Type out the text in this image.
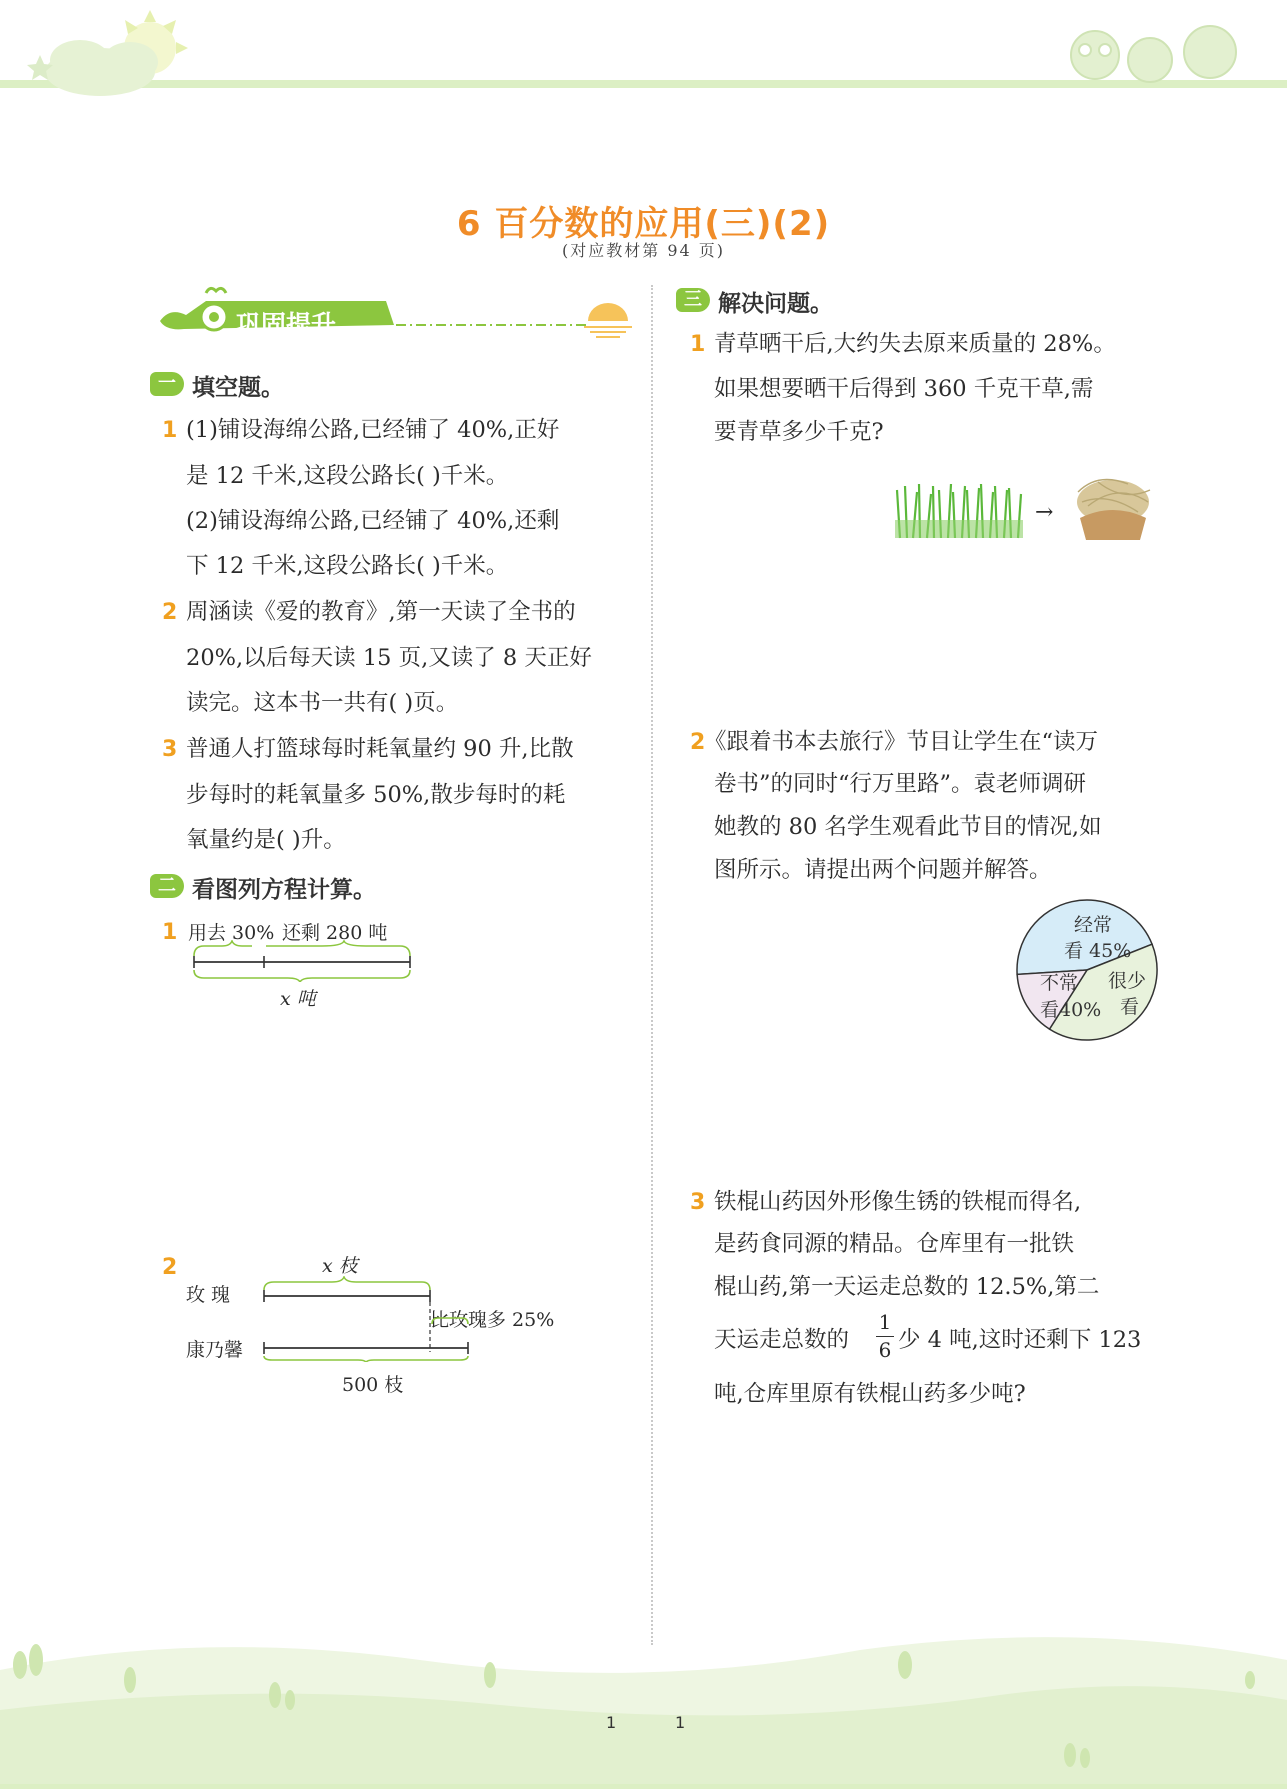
6 百分数的应用(三)(2)
(对应教材第 94 页)
巩固提升
一 填空题。
1 (1)铺设海绵公路,已经铺了 40%,正好
是 12 千米,这段公路长( )千米。
(2)铺设海绵公路,已经铺了 40%,还剩
下 12 千米,这段公路长( )千米。
2 周涵读《爱的教育》,第一天读了全书的
20%,以后每天读 15 页,又读了 8 天正好
读完。这本书一共有( )页。
3 普通人打篮球每时耗氧量约 90 升,比散
步每时的耗氧量多 50%,散步每时的耗
氧量约是( )升。
二 看图列方程计算。
1 用去 30% 还剩 280 吨
x 吨
2	x 枝
玫 瑰
康乃馨
比玫瑰多 25%
500 枝
三 解决问题。
1 青草晒干后,大约失去原来质量的 28%。
如果想要晒干后得到 360 千克干草,需
要青草多少千克?
→
2
《跟着书本去旅行》节目让学生在“读万
卷书”的同时“行万里路”。袁老师调研
她教的 80 名学生观看此节目的情况,如
图所示。请提出两个问题并解答。
经常
看 45%
不常
看40%
很少
看
3 铁棍山药因外形像生锈的铁棍而得名,
是药食同源的精品。仓库里有一批铁
棍山药,第一天运走总数的 12.5%,第二
天运走总数的
1
6 少 4 吨,这时还剩下 123
吨,仓库里原有铁棍山药多少吨?
1	1
